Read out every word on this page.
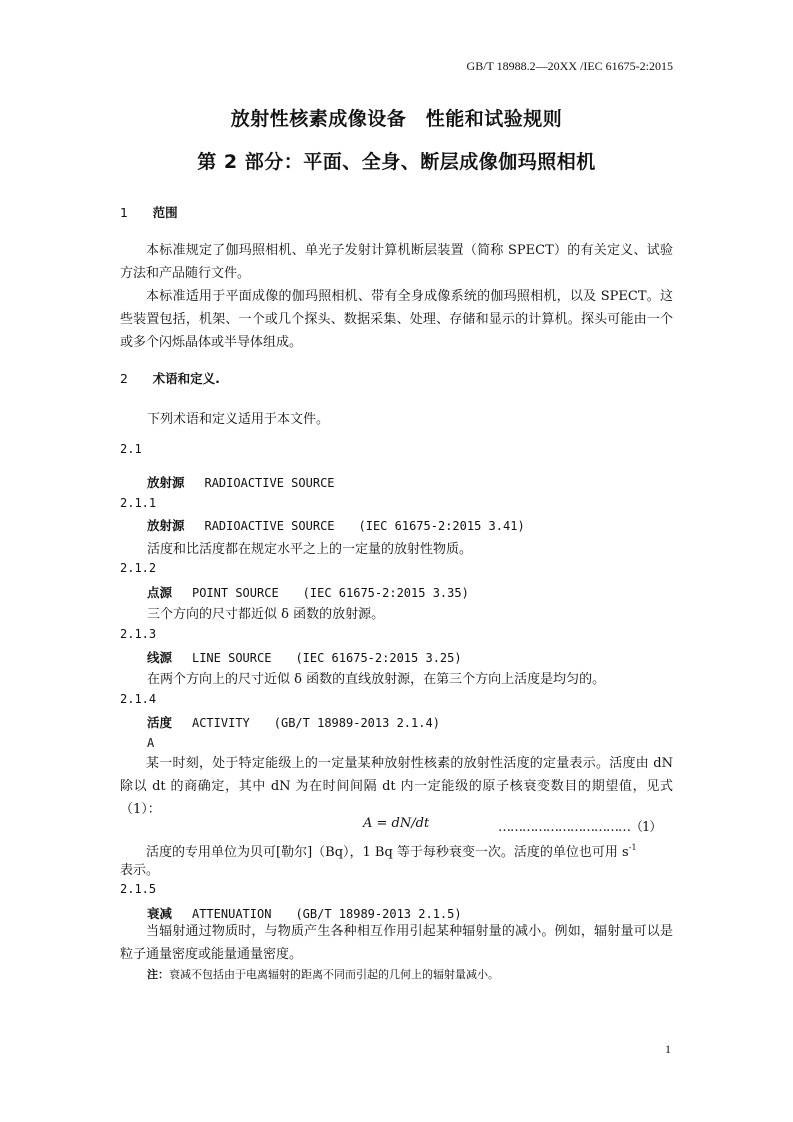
GB/T 18988.2—20XX /IEC 61675-2:2015
放射性核素成像设备　性能和试验规则
第 2 部分：平面、全身、断层成像伽玛照相机
1 范围

本标准规定了伽玛照相机、单光子发射计算机断层装置（简称 SPECT）的有关定义、试验方法和产品随行文件。

本标准适用于平面成像的伽玛照相机、带有全身成像系统的伽玛照相机，以及 SPECT。这些装置包括，机架、一个或几个探头、数据采集、处理、存储和显示的计算机。探头可能由一个或多个闪烁晶体或半导体组成。

2 术语和定义.
下列术语和定义适用于本文件。
2.1
放射源 RADIOACTIVE SOURCE
2.1.1
放射源 RADIOACTIVE SOURCE (IEC 61675-2:2015 3.41)
活度和比活度都在规定水平之上的一定量的放射性物质。
2.1.2
点源 POINT SOURCE (IEC 61675-2:2015 3.35)
三个方向的尺寸都近似 δ 函数的放射源。
2.1.3
线源 LINE SOURCE (IEC 61675-2:2015 3.25)
在两个方向上的尺寸近似 δ 函数的直线放射源，在第三个方向上活度是均匀的。
2.1.4
活度 ACTIVITY (GB/T 18989-2013 2.1.4)
A

某一时刻，处于特定能级上的一定量某种放射性核素的放射性活度的定量表示。活度由 dN 除以 dt 的商确定，其中 dN 为在时间间隔 dt 内一定能级的原子核衰变数目的期望值，见式（1）：

A = dN/dt	……………………………（1）

活度的专用单位为贝可[勒尔]（Bq），1 Bq 等于每秒衰变一次。活度的单位也可用 $s^{-1}$

表示。
2.1.5
衰减 ATTENUATION (GB/T 18989-2013 2.1.5)

当辐射通过物质时，与物质产生各种相互作用引起某种辐射量的减小。例如，辐射量可以是粒子通量密度或能量通量密度。

注：衰减不包括由于电离辐射的距离不同而引起的几何上的辐射量减小。
1
